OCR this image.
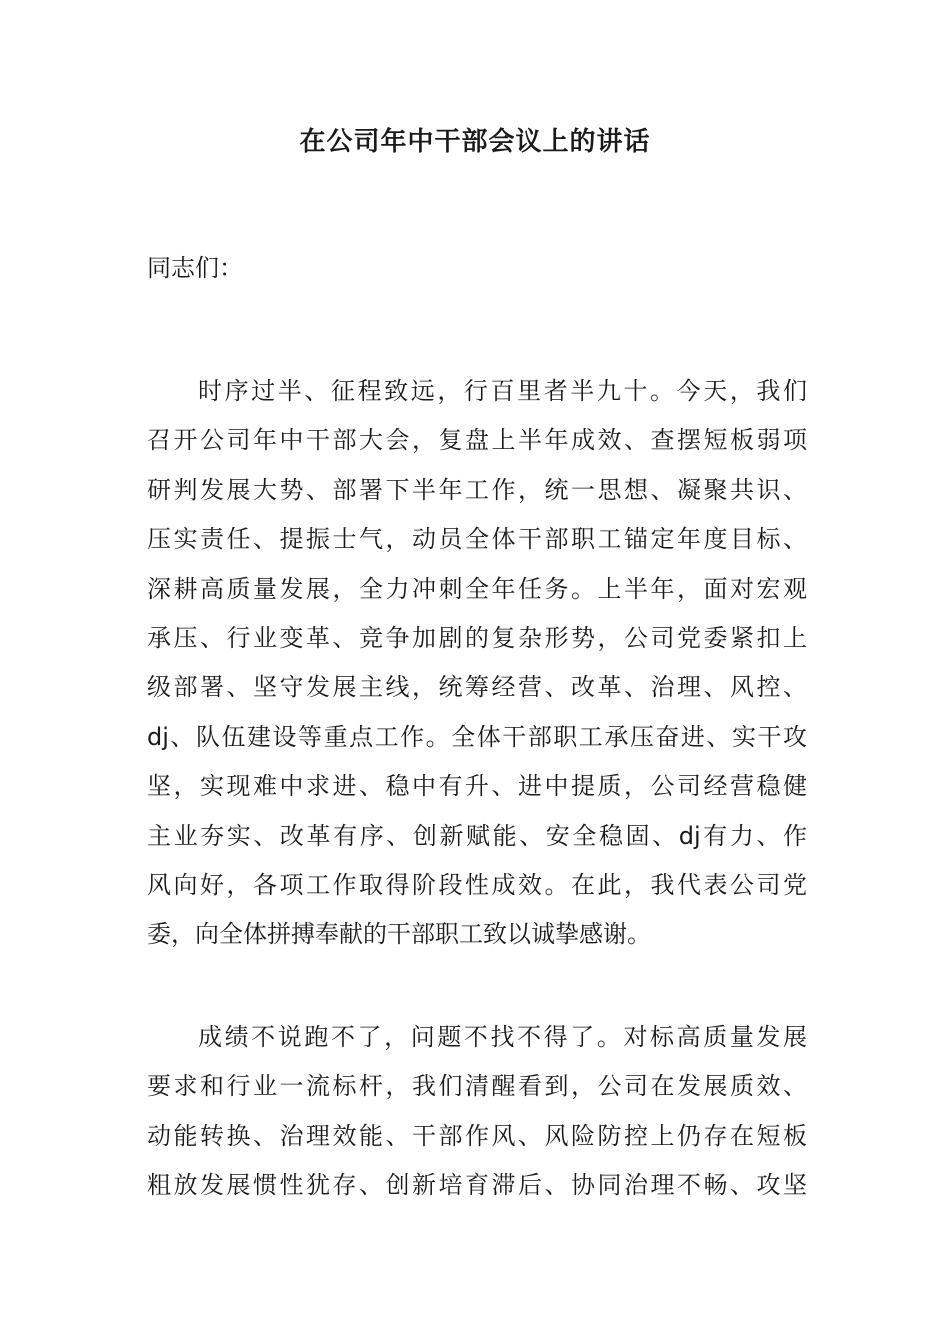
在公司年中干部会议上的讲话

同志们：

时序过半、征程致远，行百里者半九十。今天，我们
召开公司年中干部大会，复盘上半年成效、查摆短板弱项
研判发展大势、部署下半年工作，统一思想、凝聚共识、
压实责任、提振士气，动员全体干部职工锚定年度目标、
深耕高质量发展，全力冲刺全年任务。上半年，面对宏观
承压、行业变革、竞争加剧的复杂形势，公司党委紧扣上
级部署、坚守发展主线，统筹经营、改革、治理、风控、
dj、队伍建设等重点工作。全体干部职工承压奋进、实干攻
坚，实现难中求进、稳中有升、进中提质，公司经营稳健
主业夯实、改革有序、创新赋能、安全稳固、dj有力、作
风向好，各项工作取得阶段性成效。在此，我代表公司党
委，向全体拼搏奉献的干部职工致以诚挚感谢。
成绩不说跑不了，问题不找不得了。对标高质量发展
要求和行业一流标杆，我们清醒看到，公司在发展质效、
动能转换、治理效能、干部作风、风险防控上仍存在短板
粗放发展惯性犹存、创新培育滞后、协同治理不畅、攻坚
